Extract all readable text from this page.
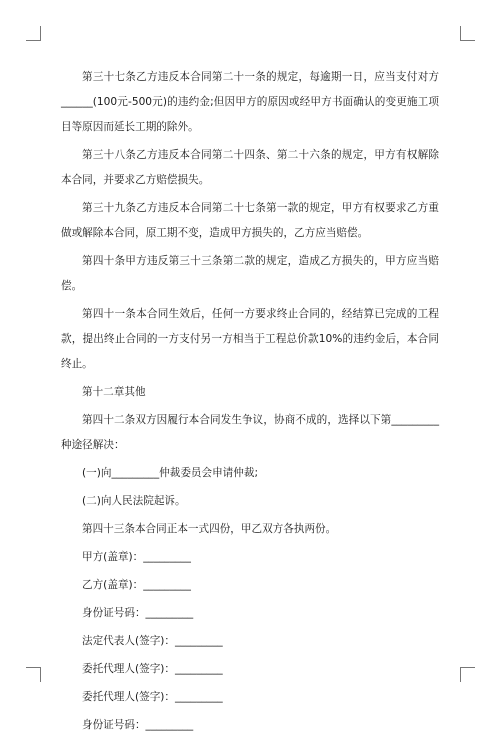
第三十七条乙方违反本合同第二十一条的规定，每逾期一日，应当支付对方______(100元-500元)的违约金;但因甲方的原因或经甲方书面确认的变更施工项目等原因而延长工期的除外。

第三十八条乙方违反本合同第二十四条、第二十六条的规定，甲方有权解除本合同，并要求乙方赔偿损失。

第三十九条乙方违反本合同第二十七条第一款的规定，甲方有权要求乙方重做或解除本合同，原工期不变，造成甲方损失的，乙方应当赔偿。

第四十条甲方违反第三十三条第二款的规定，造成乙方损失的，甲方应当赔偿。

第四十一条本合同生效后，任何一方要求终止合同的，经结算已完成的工程款，提出终止合同的一方支付另一方相当于工程总价款10%的违约金后，本合同终止。

第十二章其他

第四十二条双方因履行本合同发生争议，协商不成的，选择以下第_________种途径解决：

(一)向_________仲裁委员会申请仲裁;

(二)向人民法院起诉。

第四十三条本合同正本一式四份，甲乙双方各执两份。

甲方(盖章)：_________

乙方(盖章)：_________

身份证号码：_________

法定代表人(签字)：_________

委托代理人(签字)：_________

委托代理人(签字)：_________

身份证号码：_________
